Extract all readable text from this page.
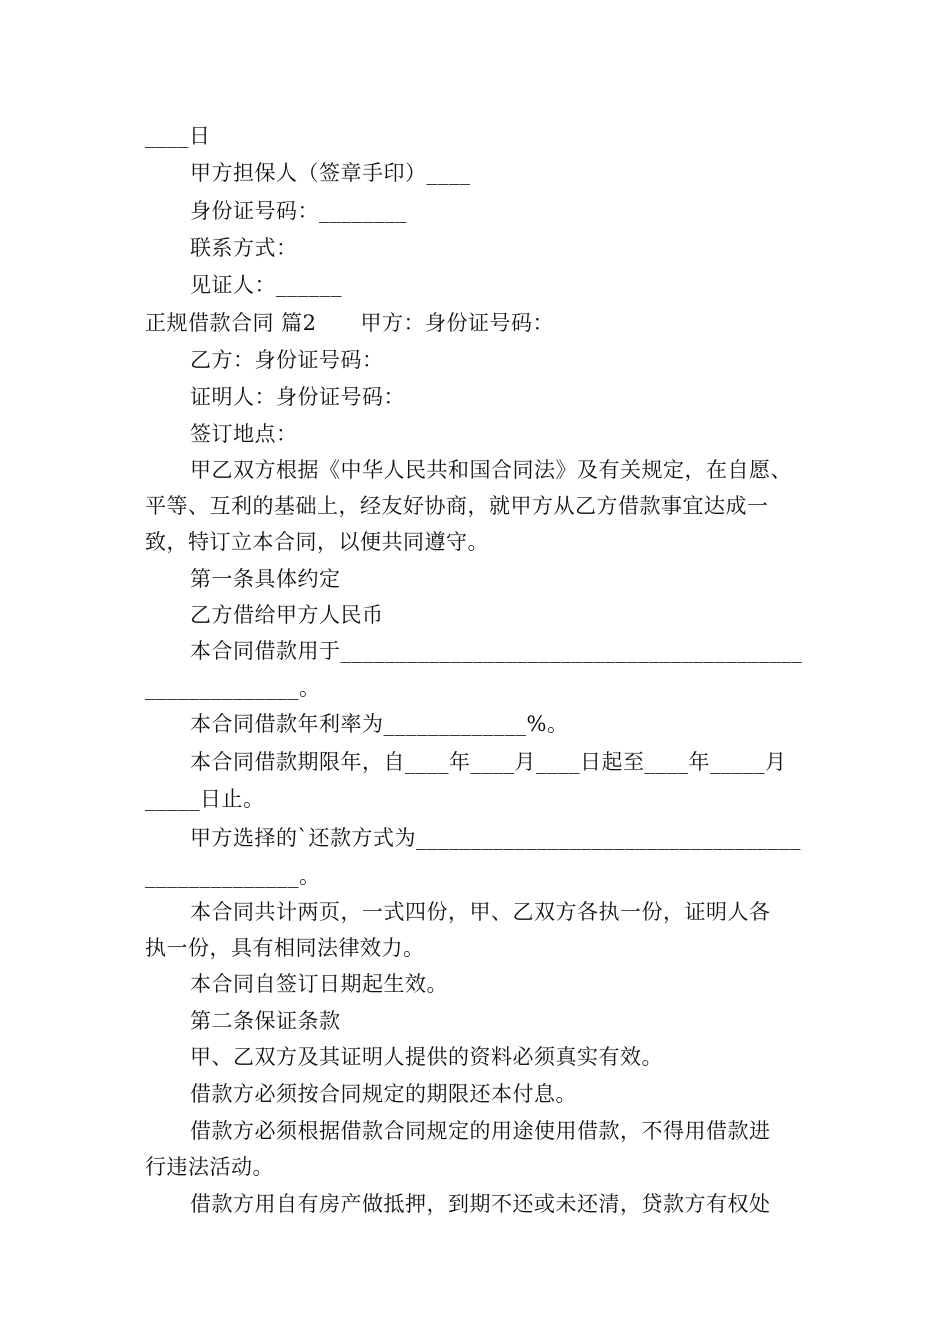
____日
甲方担保人（签章手印）____
身份证号码：________
联系方式：
见证人：______
正规借款合同 篇2 甲方：身份证号码：
乙方：身份证号码：
证明人：身份证号码：
签订地点：
甲乙双方根据《中华人民共和国合同法》及有关规定，在自愿、
平等、互利的基础上，经友好协商，就甲方从乙方借款事宜达成一
致，特订立本合同，以便共同遵守。
第一条具体约定
乙方借给甲方人民币
本合同借款用于__________________________________________
______________。
本合同借款年利率为_____________%。
本合同借款期限年，自____年____月____日起至____年_____月
_____日止。
甲方选择的`还款方式为___________________________________
______________。
本合同共计两页，一式四份，甲、乙双方各执一份，证明人各
执一份，具有相同法律效力。
本合同自签订日期起生效。
第二条保证条款
甲、乙双方及其证明人提供的资料必须真实有效。
借款方必须按合同规定的期限还本付息。
借款方必须根据借款合同规定的用途使用借款，不得用借款进
行违法活动。
借款方用自有房产做抵押，到期不还或未还清，贷款方有权处
